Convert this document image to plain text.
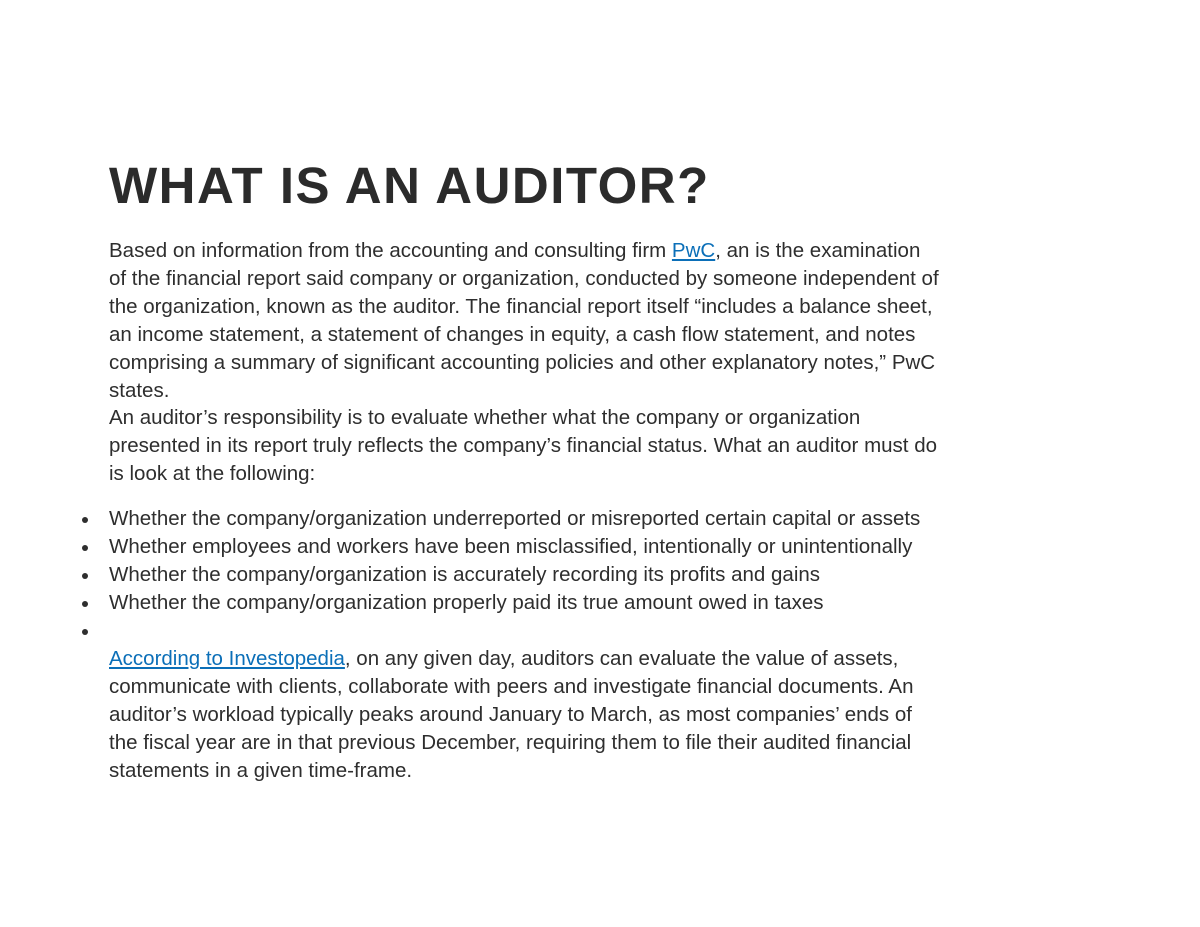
WHAT IS AN AUDITOR?

Based on information from the accounting and consulting firm PwC, an is the examination
of the financial report said company or organization, conducted by someone independent of
the organization, known as the auditor. The financial report itself “includes a balance sheet,
an income statement, a statement of changes in equity, a cash flow statement, and notes
comprising a summary of significant accounting policies and other explanatory notes,” PwC
states.

An auditor’s responsibility is to evaluate whether what the company or organization
presented in its report truly reflects the company’s financial status. What an auditor must do
is look at the following:

Whether the company/organization underreported or misreported certain capital or assets
Whether employees and workers have been misclassified, intentionally or unintentionally
Whether the company/organization is accurately recording its profits and gains
Whether the company/organization properly paid its true amount owed in taxes

According to Investopedia, on any given day, auditors can evaluate the value of assets,
communicate with clients, collaborate with peers and investigate financial documents. An
auditor’s workload typically peaks around January to March, as most companies’ ends of
the fiscal year are in that previous December, requiring them to file their audited financial
statements in a given time-frame.
